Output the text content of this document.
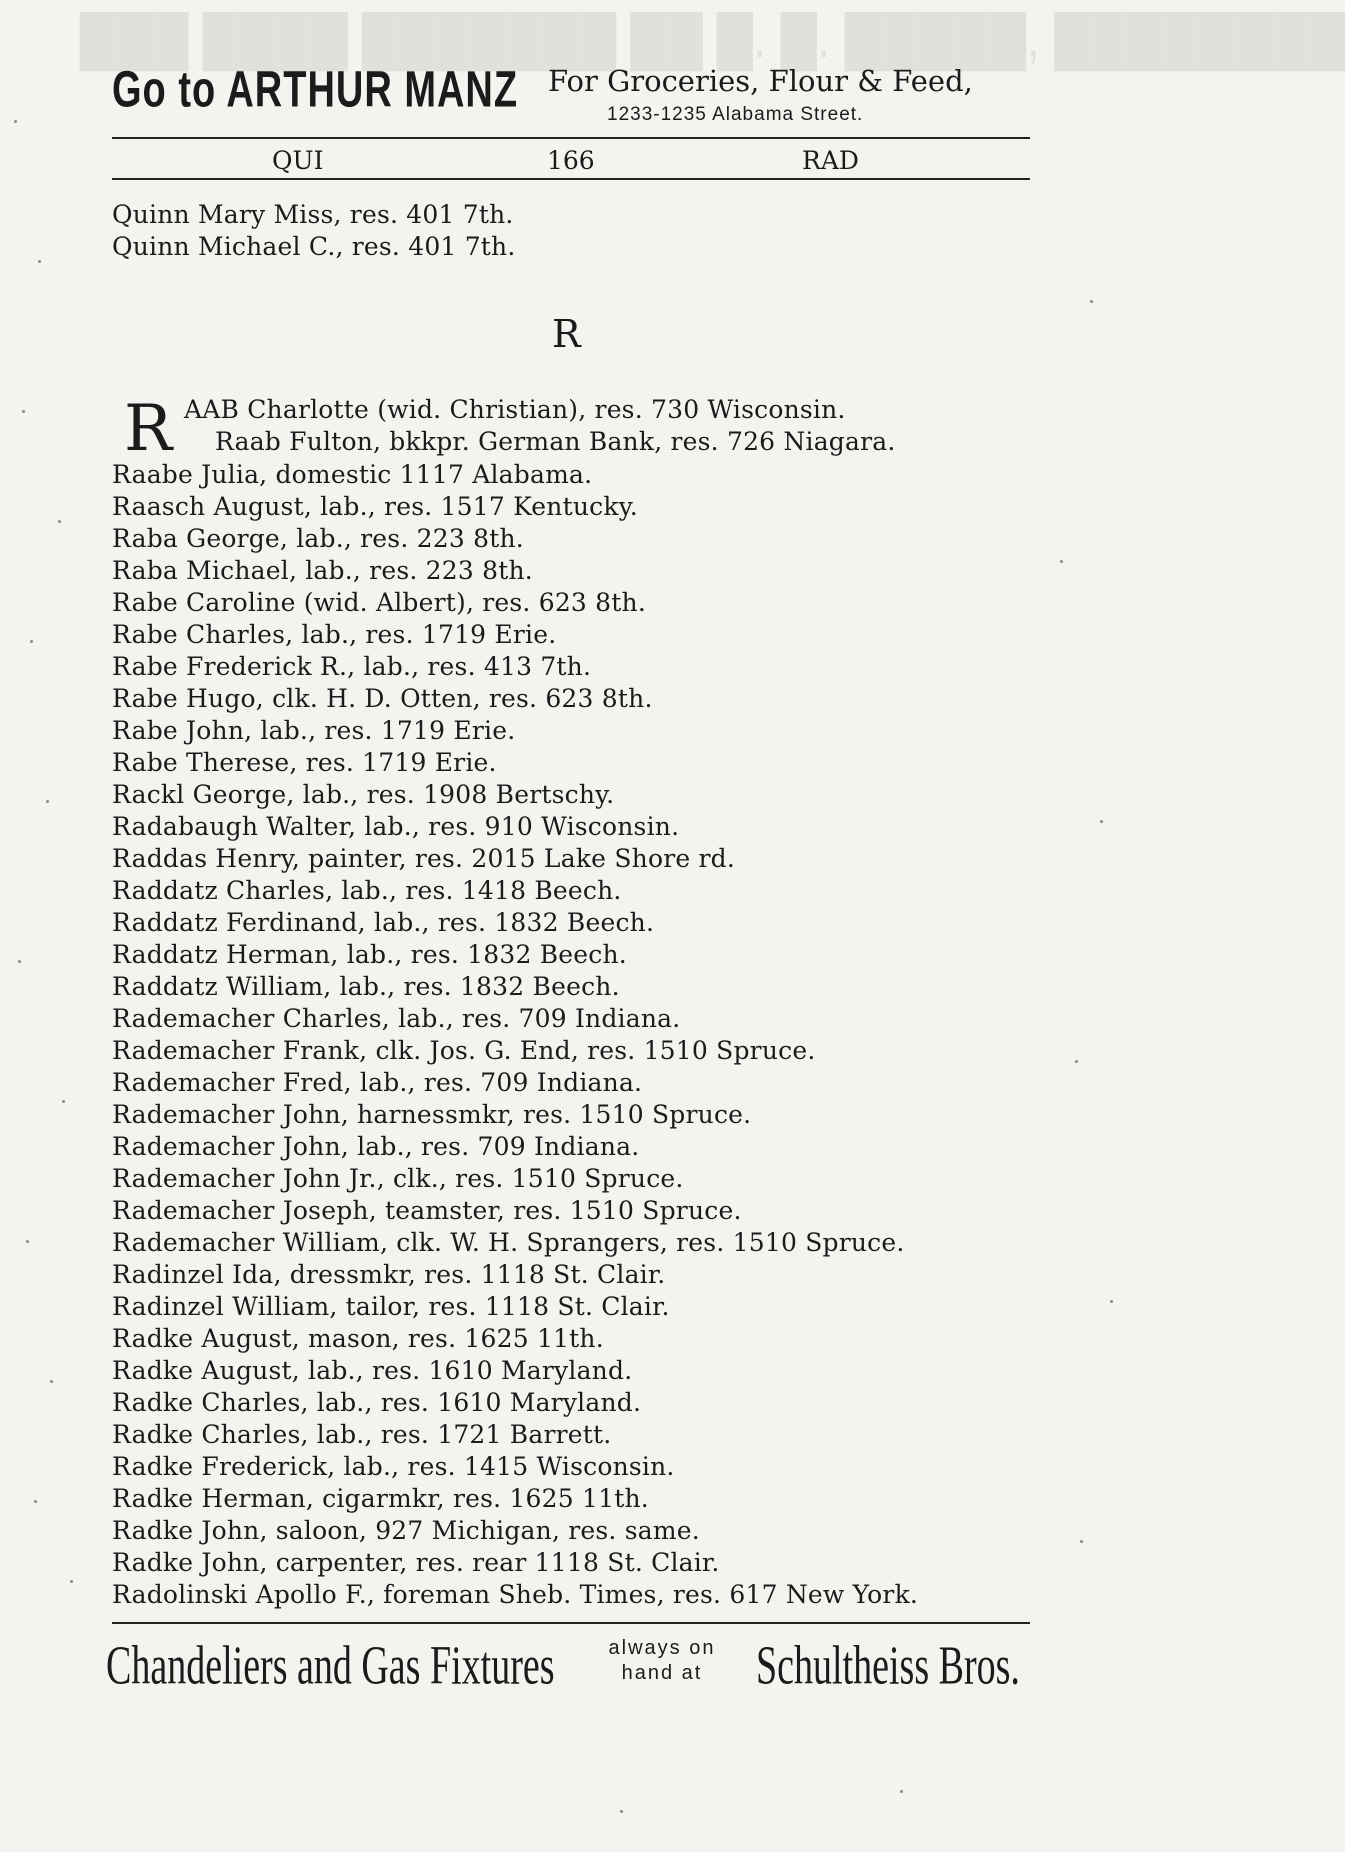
▇▇▇ ▇▇▇▇ ▇▇▇▇▇▇▇ ▇▇ ▇. ▇. ▇▇▇▇▇, ▇▇▇▇▇▇▇▇
Go to ARTHUR MANZ For Groceries, Flour & Feed,
1233-1235 Alabama Street.
QUI	166	RAD
Quinn Mary Miss, res. 401 7th.
Quinn Michael C., res. 401 7th.
R
R AAB Charlotte (wid. Christian), res. 730 Wisconsin.
Raab Fulton, bkkpr. German Bank, res. 726 Niagara.
Raabe Julia, domestic 1117 Alabama.
Raasch August, lab., res. 1517 Kentucky.
Raba George, lab., res. 223 8th.
Raba Michael, lab., res. 223 8th.
Rabe Caroline (wid. Albert), res. 623 8th.
Rabe Charles, lab., res. 1719 Erie.
Rabe Frederick R., lab., res. 413 7th.
Rabe Hugo, clk. H. D. Otten, res. 623 8th.
Rabe John, lab., res. 1719 Erie.
Rabe Therese, res. 1719 Erie.
Rackl George, lab., res. 1908 Bertschy.
Radabaugh Walter, lab., res. 910 Wisconsin.
Raddas Henry, painter, res. 2015 Lake Shore rd.
Raddatz Charles, lab., res. 1418 Beech.
Raddatz Ferdinand, lab., res. 1832 Beech.
Raddatz Herman, lab., res. 1832 Beech.
Raddatz William, lab., res. 1832 Beech.
Rademacher Charles, lab., res. 709 Indiana.
Rademacher Frank, clk. Jos. G. End, res. 1510 Spruce.
Rademacher Fred, lab., res. 709 Indiana.
Rademacher John, harnessmkr, res. 1510 Spruce.
Rademacher John, lab., res. 709 Indiana.
Rademacher John Jr., clk., res. 1510 Spruce.
Rademacher Joseph, teamster, res. 1510 Spruce.
Rademacher William, clk. W. H. Sprangers, res. 1510 Spruce.
Radinzel Ida, dressmkr, res. 1118 St. Clair.
Radinzel William, tailor, res. 1118 St. Clair.
Radke August, mason, res. 1625 11th.
Radke August, lab., res. 1610 Maryland.
Radke Charles, lab., res. 1610 Maryland.
Radke Charles, lab., res. 1721 Barrett.
Radke Frederick, lab., res. 1415 Wisconsin.
Radke Herman, cigarmkr, res. 1625 11th.
Radke John, saloon, 927 Michigan, res. same.
Radke John, carpenter, res. rear 1118 St. Clair.
Radolinski Apollo F., foreman Sheb. Times, res. 617 New York.
Chandeliers and Gas Fixtures	always on
hand at	Schultheiss Bros.
